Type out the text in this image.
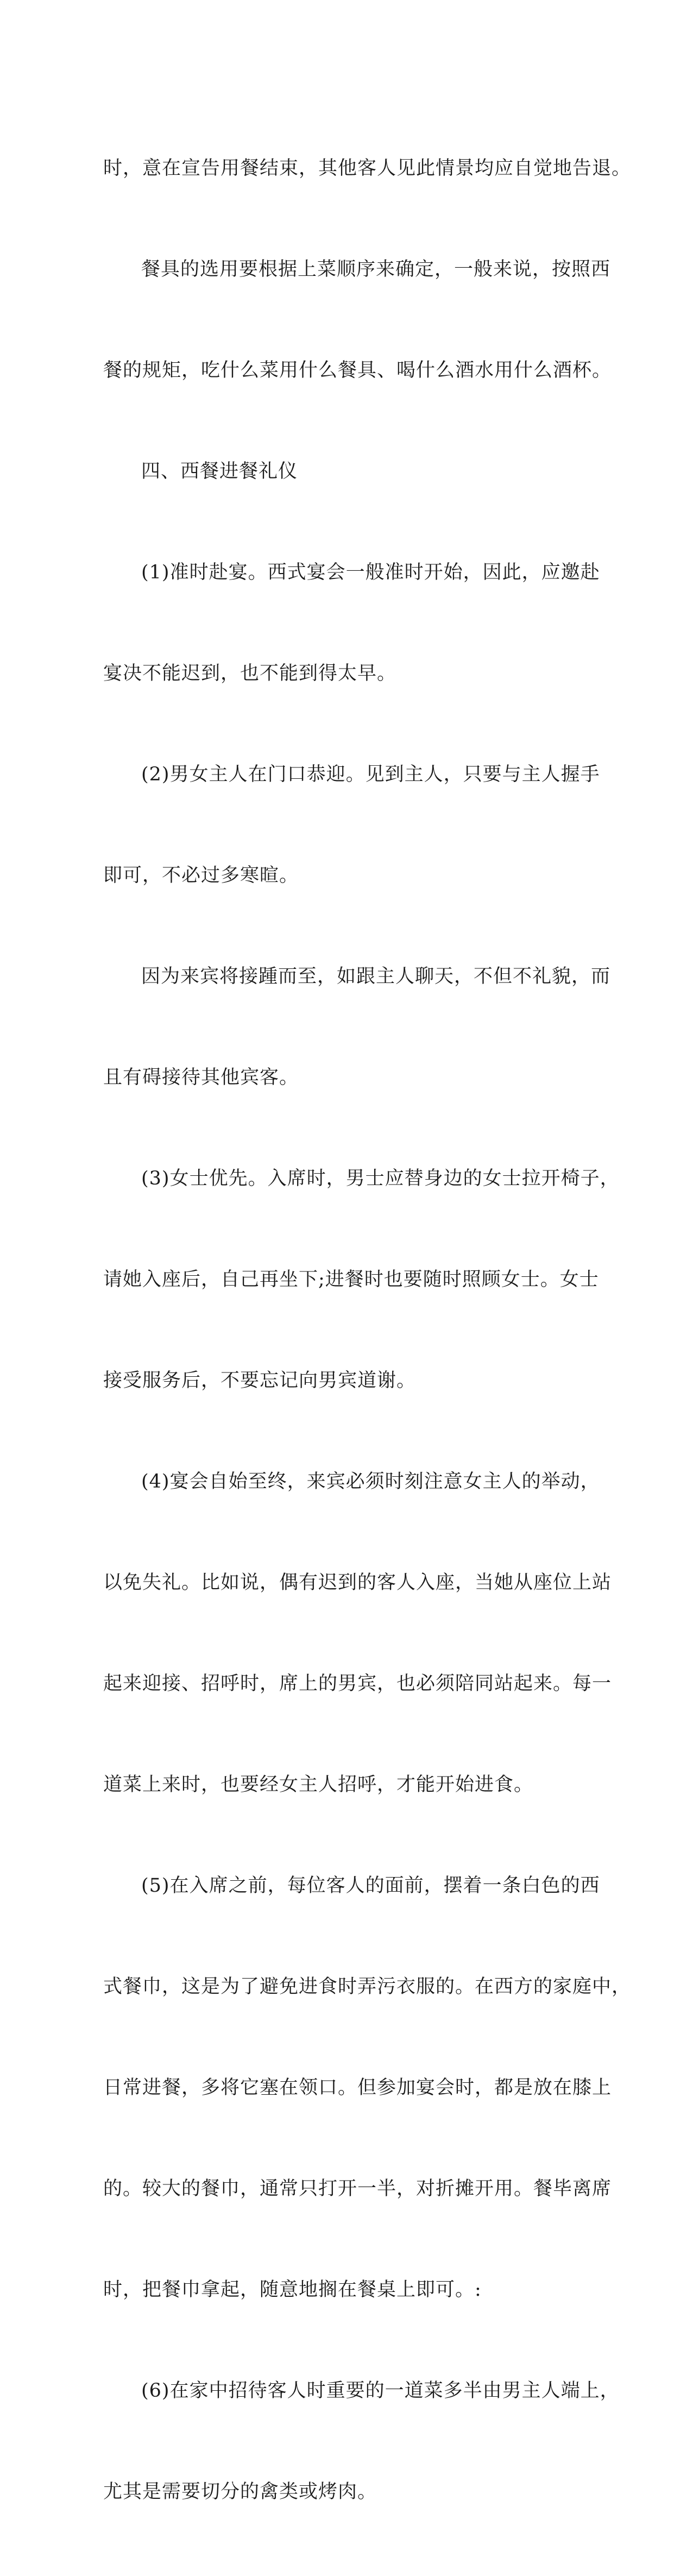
时，意在宣告用餐结束，其他客人见此情景均应自觉地告退。

餐具的选用要根据上菜顺序来确定，一般来说，按照西

餐的规矩，吃什么菜用什么餐具、喝什么酒水用什么酒杯。

四、西餐进餐礼仪

(1)准时赴宴。西式宴会一般准时开始，因此，应邀赴

宴决不能迟到，也不能到得太早。

(2)男女主人在门口恭迎。见到主人，只要与主人握手

即可，不必过多寒暄。

因为来宾将接踵而至，如跟主人聊天，不但不礼貌，而

且有碍接待其他宾客。

(3)女士优先。入席时，男士应替身边的女士拉开椅子，

请她入座后，自己再坐下;进餐时也要随时照顾女士。女士

接受服务后，不要忘记向男宾道谢。

(4)宴会自始至终，来宾必须时刻注意女主人的举动，

以免失礼。比如说，偶有迟到的客人入座，当她从座位上站

起来迎接、招呼时，席上的男宾，也必须陪同站起来。每一

道菜上来时，也要经女主人招呼，才能开始进食。

(5)在入席之前，每位客人的面前，摆着一条白色的西

式餐巾，这是为了避免进食时弄污衣服的。在西方的家庭中，

日常进餐，多将它塞在领口。但参加宴会时，都是放在膝上

的。较大的餐巾，通常只打开一半，对折摊开用。餐毕离席

时，把餐巾拿起，随意地搁在餐桌上即可。:

(6)在家中招待客人时重要的一道菜多半由男主人端上，

尤其是需要切分的禽类或烤肉。
